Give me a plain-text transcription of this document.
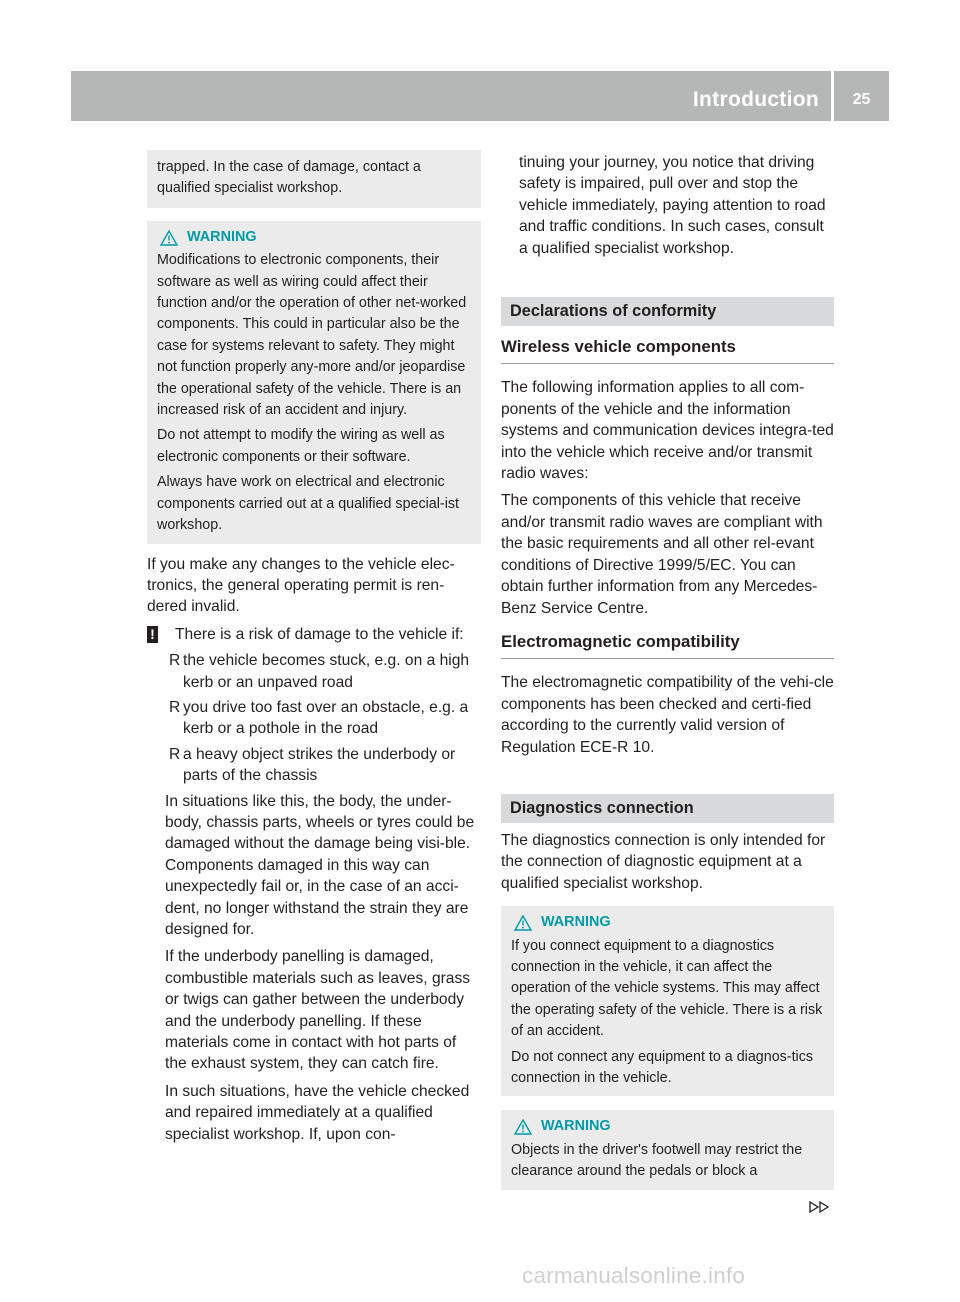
Introduction	25

trapped. In the case of damage, contact a qualified specialist workshop.

WARNING

Modifications to electronic components, their software as well as wiring could affect their function and/or the operation of other net-worked components. This could in particular also be the case for systems relevant to safety. They might not function properly any-more and/or jeopardise the operational safety of the vehicle. There is an increased risk of an accident and injury.

Do not attempt to modify the wiring as well as electronic components or their software.

Always have work on electrical and electronic components carried out at a qualified special-ist workshop.

If you make any changes to the vehicle elec-tronics, the general operating permit is ren-dered invalid.

! There is a risk of damage to the vehicle if:
R the vehicle becomes stuck, e.g. on a high kerb or an unpaved road
R you drive too fast over an obstacle, e.g. a kerb or a pothole in the road
R a heavy object strikes the underbody or parts of the chassis

In situations like this, the body, the under-body, chassis parts, wheels or tyres could be damaged without the damage being visi-ble. Components damaged in this way can unexpectedly fail or, in the case of an acci-dent, no longer withstand the strain they are designed for.

If the underbody panelling is damaged, combustible materials such as leaves, grass or twigs can gather between the underbody and the underbody panelling. If these materials come in contact with hot parts of the exhaust system, they can catch fire.

In such situations, have the vehicle checked and repaired immediately at a qualified specialist workshop. If, upon con-

tinuing your journey, you notice that driving safety is impaired, pull over and stop the vehicle immediately, paying attention to road and traffic conditions. In such cases, consult a qualified specialist workshop.

Declarations of conformity
Wireless vehicle components

The following information applies to all com-ponents of the vehicle and the information systems and communication devices integra-ted into the vehicle which receive and/or transmit radio waves:

The components of this vehicle that receive and/or transmit radio waves are compliant with the basic requirements and all other rel-evant conditions of Directive 1999/5/EC. You can obtain further information from any Mercedes-Benz Service Centre.

Electromagnetic compatibility

The electromagnetic compatibility of the vehi-cle components has been checked and certi-fied according to the currently valid version of Regulation ECE-R 10.

Diagnostics connection

The diagnostics connection is only intended for the connection of diagnostic equipment at a qualified specialist workshop.

WARNING

If you connect equipment to a diagnostics connection in the vehicle, it can affect the operation of the vehicle systems. This may affect the operating safety of the vehicle. There is a risk of an accident.

Do not connect any equipment to a diagnos-tics connection in the vehicle.

WARNING

Objects in the driver's footwell may restrict the clearance around the pedals or block a

carmanualsonline.info
